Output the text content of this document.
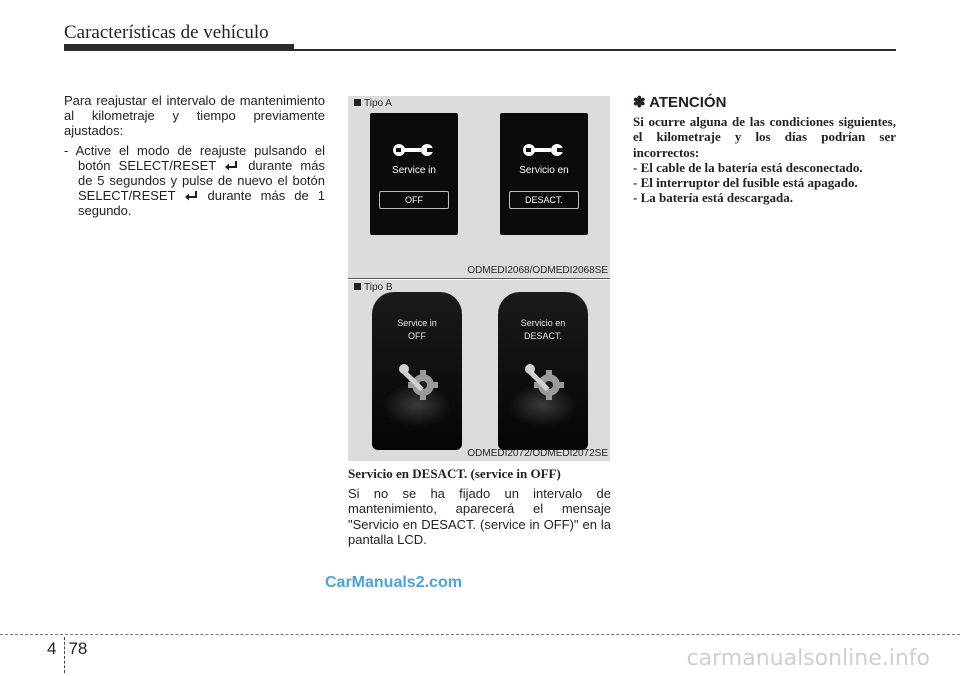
Características de vehículo

Para reajustar el intervalo de mantenimiento al kilometraje y tiempo previamente ajustados:

- Active el modo de reajuste pulsando el botón SELECT/RESET durante más de 5 segundos y pulse de nuevo el botón SELECT/RESET durante más de 1 segundo.

Tipo A
Service in
OFF
Servicio en
DESACT.
ODMEDI2068/ODMEDI2068SE
Tipo B
Service in
OFF
Servicio en
DESACT.
ODMEDI2072/ODMEDI2072SE
Servicio en DESACT. (service in OFF)

Si no se ha fijado un intervalo de mantenimiento, aparecerá el mensaje "Servicio en DESACT. (service in OFF)" en la pantalla LCD.

✽ ATENCIÓN

Si ocurre alguna de las condiciones siguientes, el kilometraje y los días podrían ser incorrectos:

- El cable de la batería está desconectado.
- El interruptor del fusible está apagado.
- La batería está descargada.
CarManuals2.com
4 78	carmanualsonline.info
